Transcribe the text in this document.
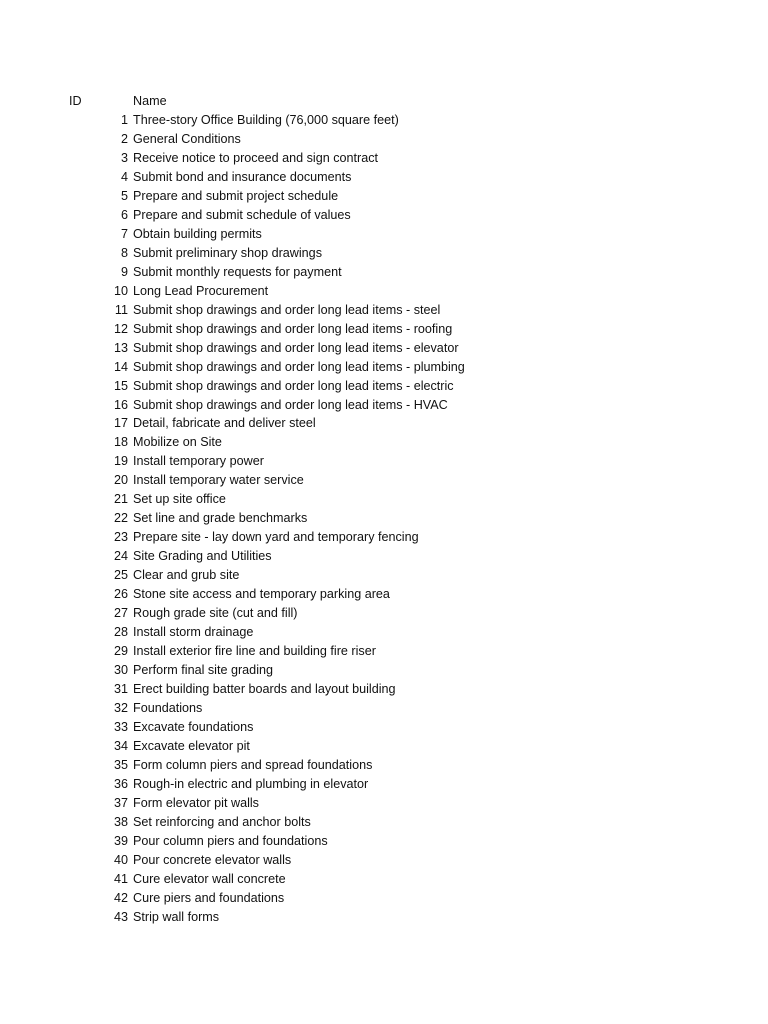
ID	Name
1 Three-story Office Building (76,000 square feet)
2 General Conditions
3 Receive notice to proceed and sign contract
4 Submit bond and insurance documents
5 Prepare and submit project schedule
6 Prepare and submit schedule of values
7 Obtain building permits
8 Submit preliminary shop drawings
9 Submit monthly requests for payment
10 Long Lead Procurement
11 Submit shop drawings and order long lead items - steel
12 Submit shop drawings and order long lead items - roofing
13 Submit shop drawings and order long lead items - elevator
14 Submit shop drawings and order long lead items - plumbing
15 Submit shop drawings and order long lead items - electric
16 Submit shop drawings and order long lead items - HVAC
17 Detail, fabricate and deliver steel
18 Mobilize on Site
19 Install temporary power
20 Install temporary water service
21 Set up site office
22 Set line and grade benchmarks
23 Prepare site - lay down yard and temporary fencing
24 Site Grading and Utilities
25 Clear and grub site
26 Stone site access and temporary parking area
27 Rough grade site (cut and fill)
28 Install storm drainage
29 Install exterior fire line and building fire riser
30 Perform final site grading
31 Erect building batter boards and layout building
32 Foundations
33 Excavate foundations
34 Excavate elevator pit
35 Form column piers and spread foundations
36 Rough-in electric and plumbing in elevator
37 Form elevator pit walls
38 Set reinforcing and anchor bolts
39 Pour column piers and foundations
40 Pour concrete elevator walls
41 Cure elevator wall concrete
42 Cure piers and foundations
43 Strip wall forms
